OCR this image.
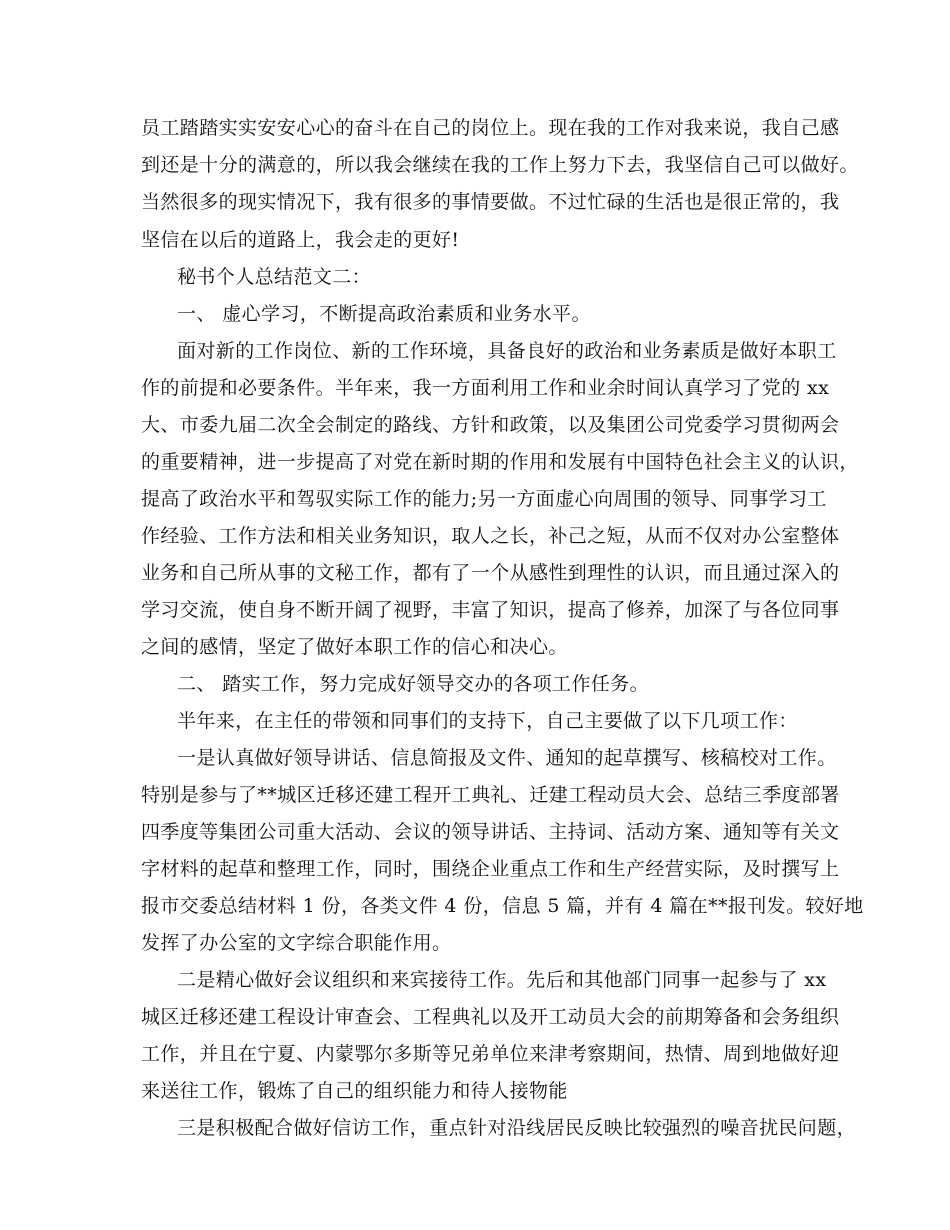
员工踏踏实实安安心心的奋斗在自己的岗位上。现在我的工作对我来说，我自己感
到还是十分的满意的，所以我会继续在我的工作上努力下去，我坚信自己可以做好。
当然很多的现实情况下，我有很多的事情要做。不过忙碌的生活也是很正常的，我
坚信在以后的道路上，我会走的更好!
秘书个人总结范文二：
一、 虚心学习，不断提高政治素质和业务水平。
面对新的工作岗位、新的工作环境，具备良好的政治和业务素质是做好本职工
作的前提和必要条件。半年来，我一方面利用工作和业余时间认真学习了党的 xx
大、市委九届二次全会制定的路线、方针和政策，以及集团公司党委学习贯彻两会
的重要精神，进一步提高了对党在新时期的作用和发展有中国特色社会主义的认识，
提高了政治水平和驾驭实际工作的能力;另一方面虚心向周围的领导、同事学习工
作经验、工作方法和相关业务知识，取人之长，补己之短，从而不仅对办公室整体
业务和自己所从事的文秘工作，都有了一个从感性到理性的认识，而且通过深入的
学习交流，使自身不断开阔了视野，丰富了知识，提高了修养，加深了与各位同事
之间的感情，坚定了做好本职工作的信心和决心。
二、 踏实工作，努力完成好领导交办的各项工作任务。
半年来，在主任的带领和同事们的支持下，自己主要做了以下几项工作：
一是认真做好领导讲话、信息简报及文件、通知的起草撰写、核稿校对工作。
特别是参与了**城区迁移还建工程开工典礼、迁建工程动员大会、总结三季度部署
四季度等集团公司重大活动、会议的领导讲话、主持词、活动方案、通知等有关文
字材料的起草和整理工作，同时，围绕企业重点工作和生产经营实际，及时撰写上
报市交委总结材料 1 份，各类文件 4 份，信息 5 篇，并有 4 篇在**报刊发。较好地
发挥了办公室的文字综合职能作用。
二是精心做好会议组织和来宾接待工作。先后和其他部门同事一起参与了 xx
城区迁移还建工程设计审查会、工程典礼以及开工动员大会的前期筹备和会务组织
工作，并且在宁夏、内蒙鄂尔多斯等兄弟单位来津考察期间，热情、周到地做好迎
来送往工作，锻炼了自己的组织能力和待人接物能
三是积极配合做好信访工作，重点针对沿线居民反映比较强烈的噪音扰民问题，
